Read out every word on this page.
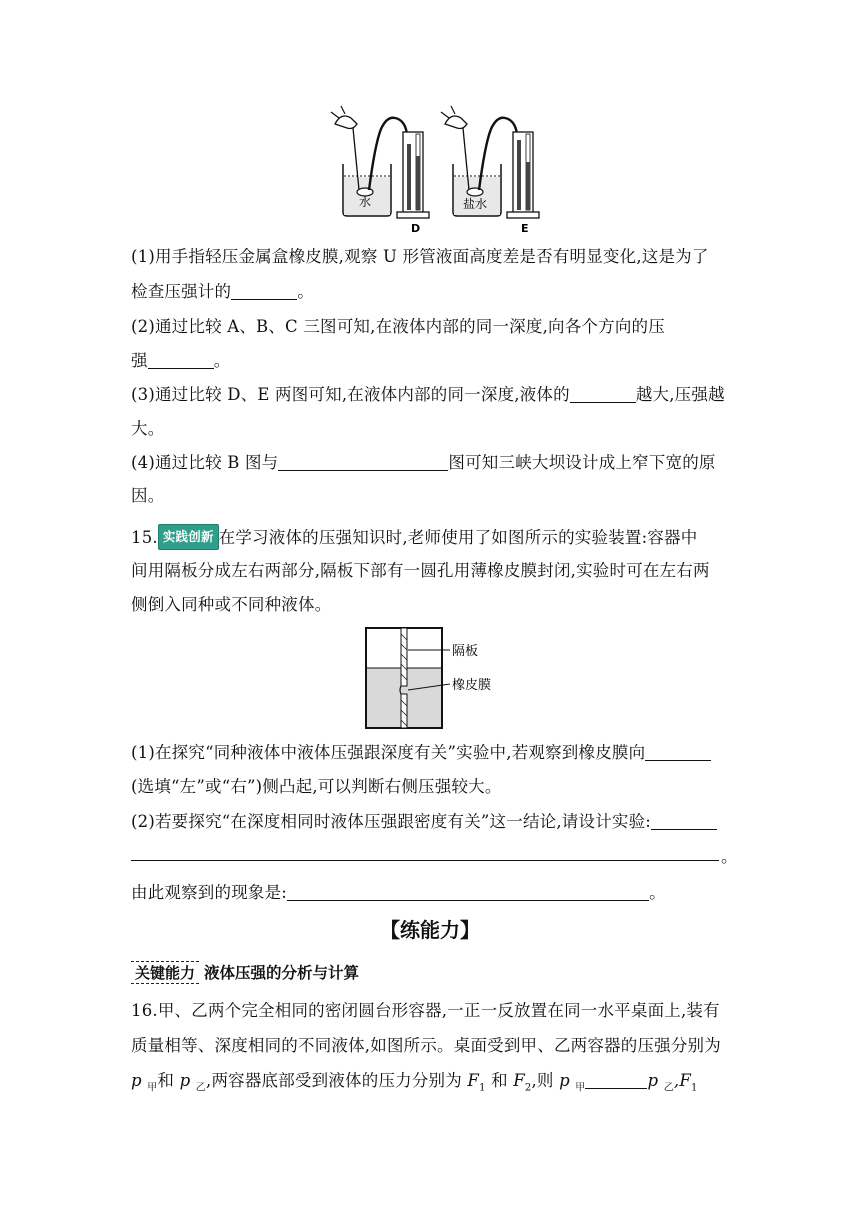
水
D
盐水
E
(1)用手指轻压金属盒橡皮膜,观察 U 形管液面高度差是否有明显变化,这是为了
检查压强计的	。
(2)通过比较 A、B、C 三图可知,在液体内部的同一深度,向各个方向的压
强	。
(3)通过比较 D、E 两图可知,在液体内部的同一深度,液体的	越大,压强越
大。
(4)通过比较 B 图与	图可知三峡大坝设计成上窄下宽的原
因。
15. 实践创新 在学习液体的压强知识时,老师使用了如图所示的实验装置:容器中
间用隔板分成左右两部分,隔板下部有一圆孔用薄橡皮膜封闭,实验时可在左右两
侧倒入同种或不同种液体。
隔板
橡皮膜
(1)在探究“同种液体中液体压强跟深度有关”实验中,若观察到橡皮膜向
(选填“左”或“右”)侧凸起,可以判断右侧压强较大。
(2)若要探究“在深度相同时液体压强跟密度有关”这一结论,请设计实验:
。
由此观察到的现象是:	。
【练能力】
关键能力 液体压强的分析与计算
16.甲、乙两个完全相同的密闭圆台形容器,一正一反放置在同一水平桌面上,装有
质量相等、深度相同的不同液体,如图所示。桌面受到甲、乙两容器的压强分别为
p $_甲$和 p $_乙$,两容器底部受到液体的压力分别为 $F_1$ 和 $F_2$,则 p $_甲$	p $_乙,F_1$
